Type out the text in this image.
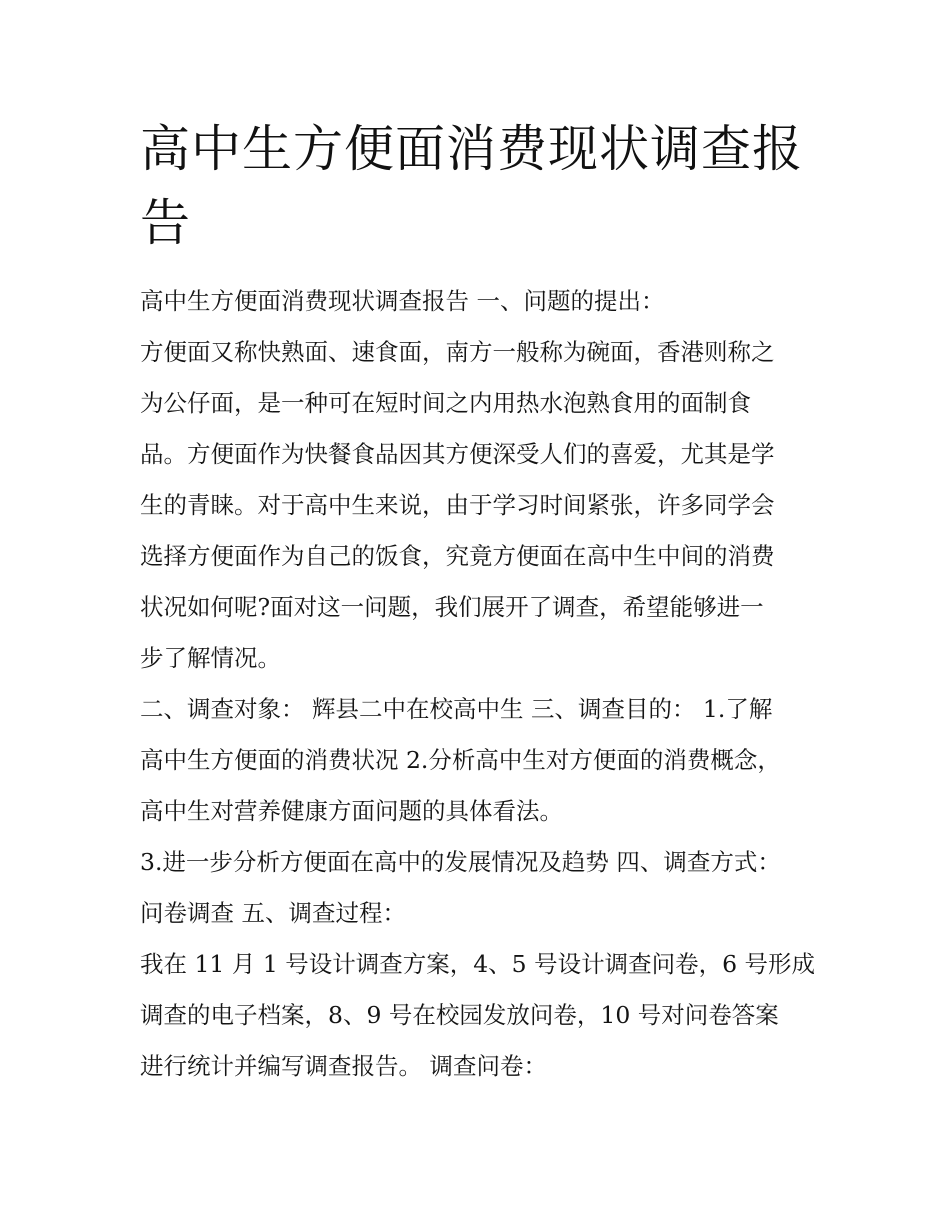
高中生方便面消费现状调查报告

高中生方便面消费现状调查报告 一、问题的提出：

方便面又称快熟面、速食面，南方一般称为碗面，香港则称之

为公仔面，是一种可在短时间之内用热水泡熟食用的面制食

品。方便面作为快餐食品因其方便深受人们的喜爱，尤其是学

生的青睐。对于高中生来说，由于学习时间紧张，许多同学会

选择方便面作为自己的饭食，究竟方便面在高中生中间的消费

状况如何呢?面对这一问题，我们展开了调查，希望能够进一

步了解情况。

二、调查对象： 辉县二中在校高中生 三、调查目的： 1.了解

高中生方便面的消费状况 2.分析高中生对方便面的消费概念，

高中生对营养健康方面问题的具体看法。

3.进一步分析方便面在高中的发展情况及趋势 四、调查方式：

问卷调查 五、调查过程：

我在 11 月 1 号设计调查方案，4、5 号设计调查问卷，6 号形成

调查的电子档案，8、9 号在校园发放问卷，10 号对问卷答案

进行统计并编写调查报告。 调查问卷：
